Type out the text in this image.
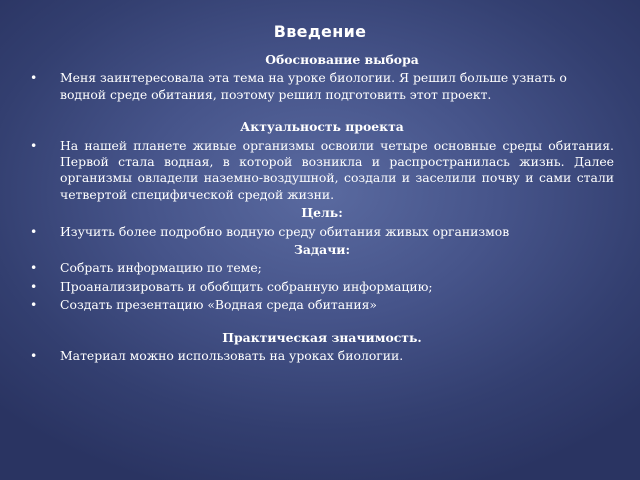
Введение
Обоснование выбора
• Меня заинтересовала эта тема на уроке биологии. Я решил больше узнать о водной среде обитания, поэтому решил подготовить этот проект.
Актуальность проекта
• На нашей планете живые организмы освоили четыре основные среды обитания. Первой стала водная, в которой возникла и распространилась жизнь. Далее организмы овладели наземно-воздушной, создали и заселили почву и сами стали четвертой специфической средой жизни.
Цель:
• Изучить более подробно водную среду обитания живых организмов
Задачи:
• Собрать информацию по теме;
• Проанализировать и обобщить собранную информацию;
• Создать презентацию «Водная среда обитания»
Практическая значимость.
• Материал можно использовать на уроках биологии.
